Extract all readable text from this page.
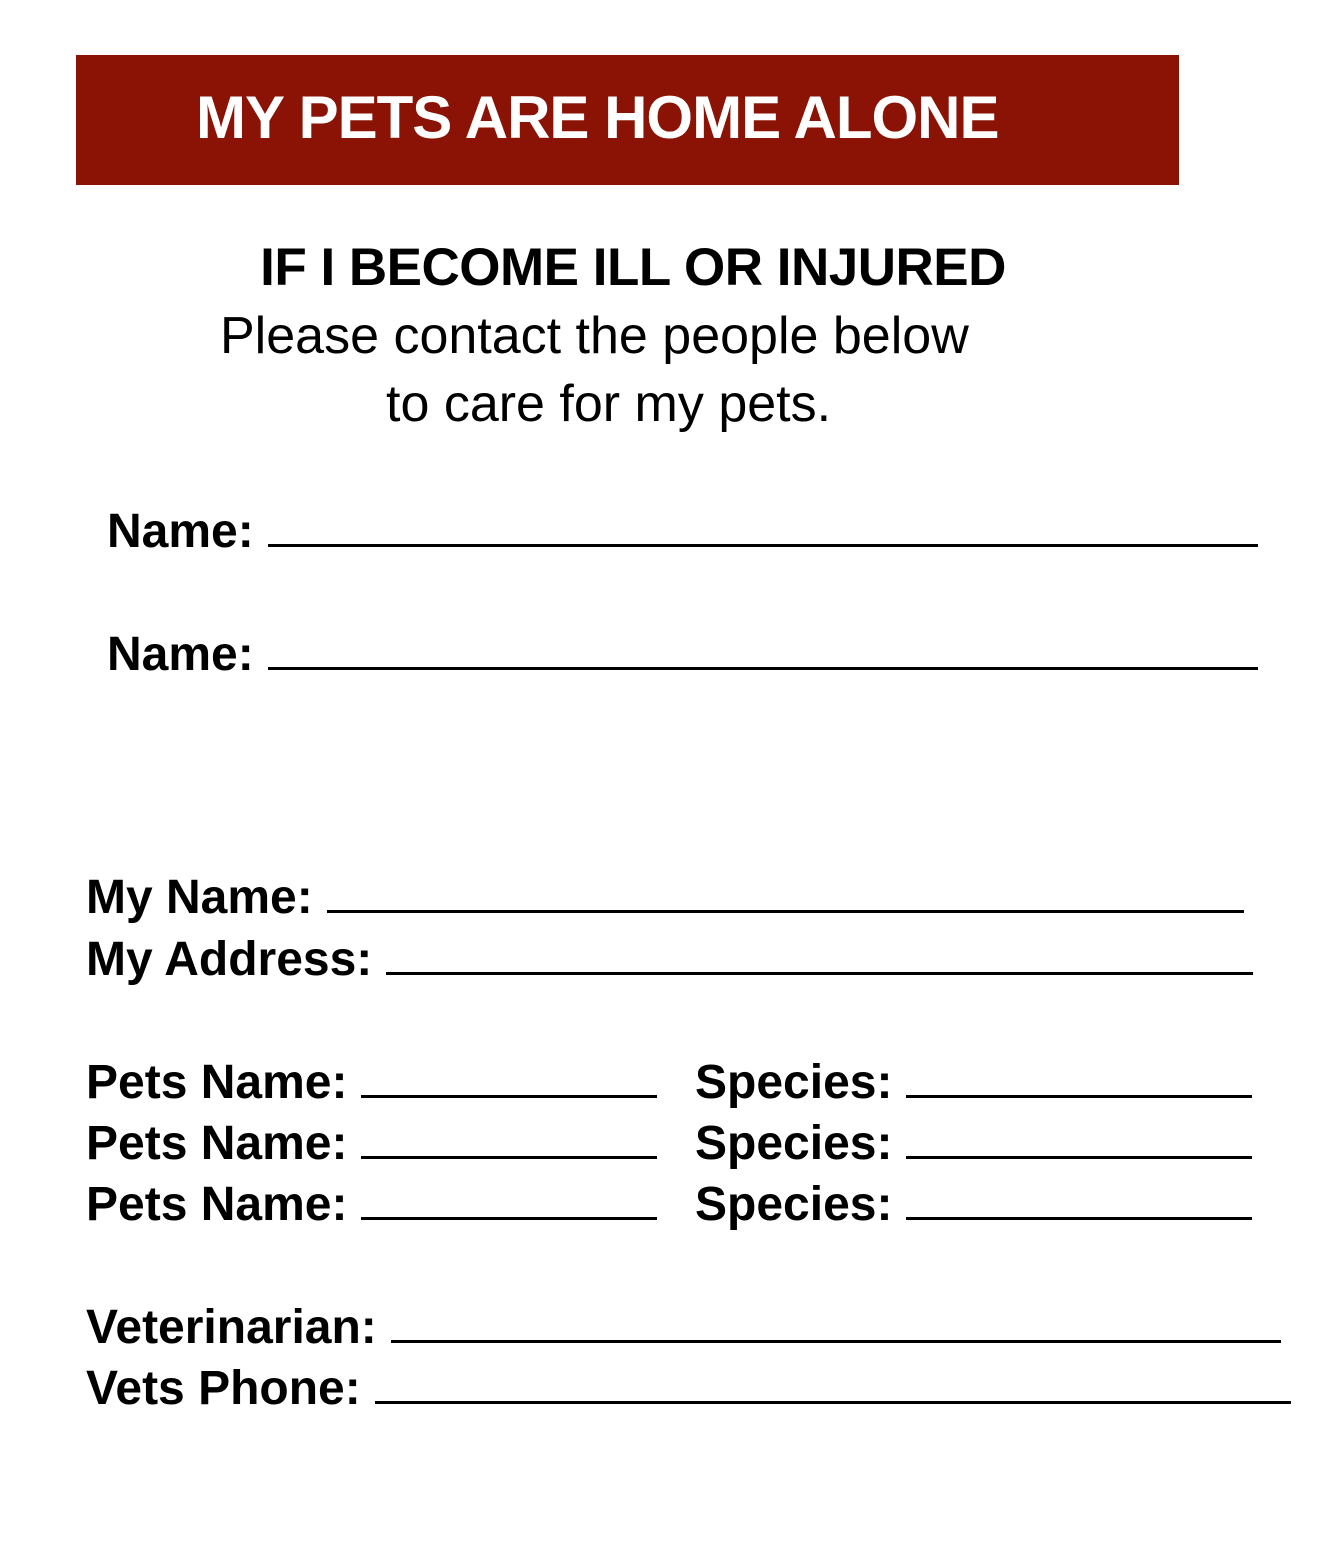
MY PETS ARE HOME ALONE
IF I BECOME ILL OR INJURED
Please contact the people below
to care for my pets.
Name:
Name:
My Name:
My Address:
Pets Name:	Species:
Pets Name:	Species:
Pets Name:	Species:
Veterinarian:
Vets Phone:
